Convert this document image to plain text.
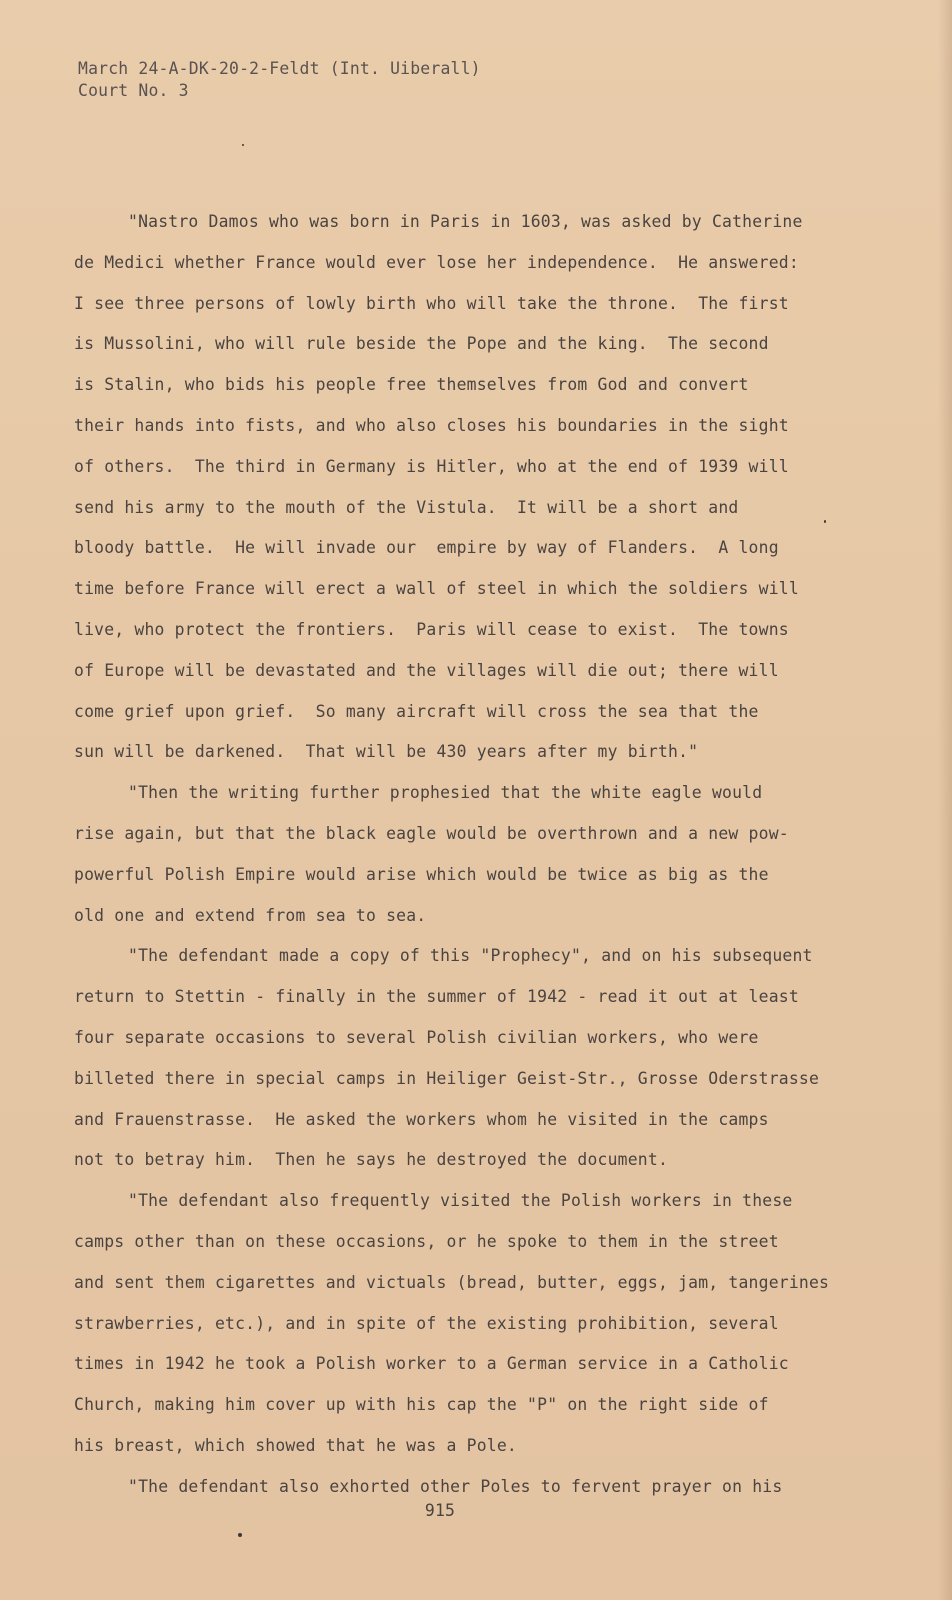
March 24-A-DK-20-2-Feldt (Int. Uiberall)
Court No. 3
"Nastro Damos who was born in Paris in 1603, was asked by Catherine
de Medici whether France would ever lose her independence.  He answered:
I see three persons of lowly birth who will take the throne.  The first
is Mussolini, who will rule beside the Pope and the king.  The second
is Stalin, who bids his people free themselves from God and convert
their hands into fists, and who also closes his boundaries in the sight
of others.  The third in Germany is Hitler, who at the end of 1939 will
send his army to the mouth of the Vistula.  It will be a short and
bloody battle.  He will invade our  empire by way of Flanders.  A long
time before France will erect a wall of steel in which the soldiers will
live, who protect the frontiers.  Paris will cease to exist.  The towns
of Europe will be devastated and the villages will die out; there will
come grief upon grief.  So many aircraft will cross the sea that the
sun will be darkened.  That will be 430 years after my birth."
"Then the writing further prophesied that the white eagle would
rise again, but that the black eagle would be overthrown and a new pow-
powerful Polish Empire would arise which would be twice as big as the
old one and extend from sea to sea.
"The defendant made a copy of this "Prophecy", and on his subsequent
return to Stettin - finally in the summer of 1942 - read it out at least
four separate occasions to several Polish civilian workers, who were
billeted there in special camps in Heiliger Geist-Str., Grosse Oderstrasse
and Frauenstrasse.  He asked the workers whom he visited in the camps
not to betray him.  Then he says he destroyed the document.
"The defendant also frequently visited the Polish workers in these
camps other than on these occasions, or he spoke to them in the street
and sent them cigarettes and victuals (bread, butter, eggs, jam, tangerines
strawberries, etc.), and in spite of the existing prohibition, several
times in 1942 he took a Polish worker to a German service in a Catholic
Church, making him cover up with his cap the "P" on the right side of
his breast, which showed that he was a Pole.
"The defendant also exhorted other Poles to fervent prayer on his
915
